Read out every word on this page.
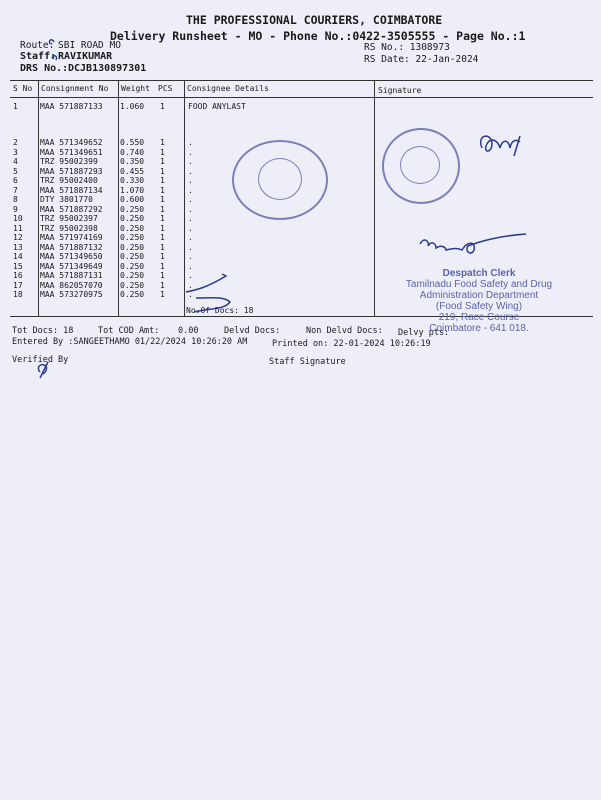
THE PROFESSIONAL COURIERS, COIMBATORE
Delivery Runsheet - MO - Phone No.:0422-3505555 - Page No.:1
Route: SBI ROAD MO	RS No.: 1308973
Staff: RAVIKUMAR	RS Date: 22-Jan-2024
DRS No.: DCJB130897301
S No Consignment No Weight PCS Consignee Details	Signature
1	MAA 571887133 1.060 1	FOOD ANYLAST
2	MAA 571349652 0.550 1	.
3	MAA 571349651 0.740 1	.
4	TRZ 95002399	0.350 1	.
5	MAA 571887293 0.455 1	.
6	TRZ 95002400	0.330 1	.
7	MAA 571887134 1.070 1	.
8	DTY 3801770	0.600 1	.
9	MAA 571887292 0.250 1	.
10 TRZ 95002397	0.250 1	.
11 TRZ 95002398	0.250 1	.
12 MAA 571974169 0.250 1	.
13 MAA 571887132 0.250 1	.
14 MAA 571349650 0.250 1	.
15 MAA 571349649 0.250 1	.
16 MAA 571887131 0.250 1	.
17 MAA 862057070 0.250 1	.
18 MAA 573270975 0.250 1	.
No.Of Docs: 18
Tot Docs: 18	Tot COD Amt: 0.00	Delvd Docs:	Non Delvd Docs: Delvy pts:
Entered By :SANGEETHAMO 01/22/2024 10:26:20 AM	Printed on: 22-01-2024 10:26:19
Verified By	Staff Signature
Despatch Clerk
Tamilnadu Food Safety and Drug
Administration Department
(Food Safety Wing)
219, Race Course
Coimbatore - 641 018.
